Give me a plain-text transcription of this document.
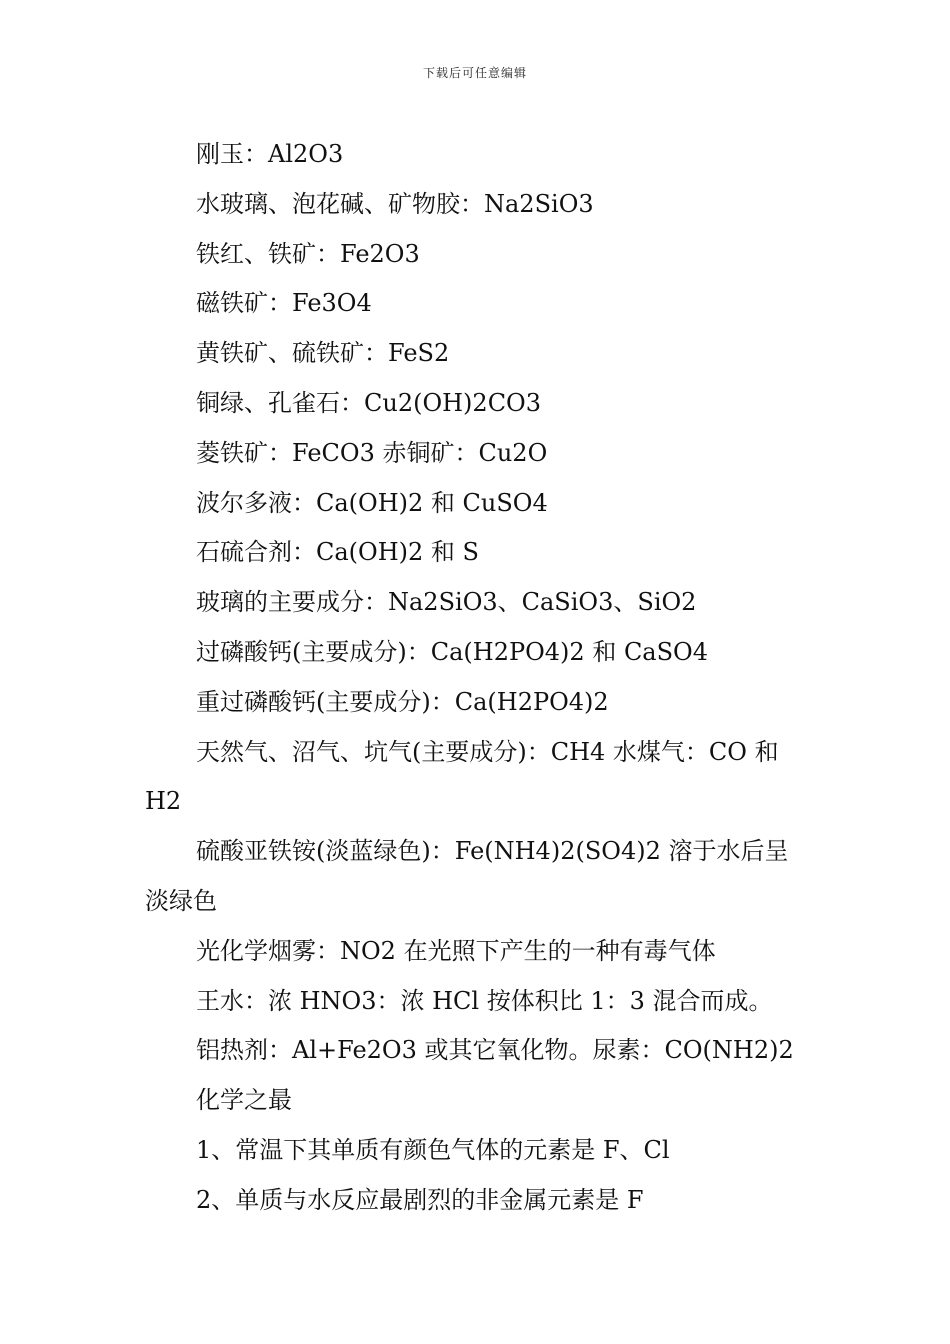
下载后可任意编辑
刚玉：Al2O3
水玻璃、泡花碱、矿物胶：Na2SiO3
铁红、铁矿：Fe2O3
磁铁矿：Fe3O4
黄铁矿、硫铁矿：FeS2
铜绿、孔雀石：Cu2(OH)2CO3
菱铁矿：FeCO3 赤铜矿：Cu2O
波尔多液：Ca(OH)2 和 CuSO4
石硫合剂：Ca(OH)2 和 S
玻璃的主要成分：Na2SiO3、CaSiO3、SiO2
过磷酸钙(主要成分)：Ca(H2PO4)2 和 CaSO4
重过磷酸钙(主要成分)：Ca(H2PO4)2
天然气、沼气、坑气(主要成分)：CH4 水煤气：CO 和
H2
硫酸亚铁铵(淡蓝绿色)：Fe(NH4)2(SO4)2 溶于水后呈
淡绿色
光化学烟雾：NO2 在光照下产生的一种有毒气体
王水：浓 HNO3：浓 HCl 按体积比 1：3 混合而成。
铝热剂：Al+Fe2O3 或其它氧化物。尿素：CO(NH2)2
化学之最
1、常温下其单质有颜色气体的元素是 F、Cl
2、单质与水反应最剧烈的非金属元素是 F
